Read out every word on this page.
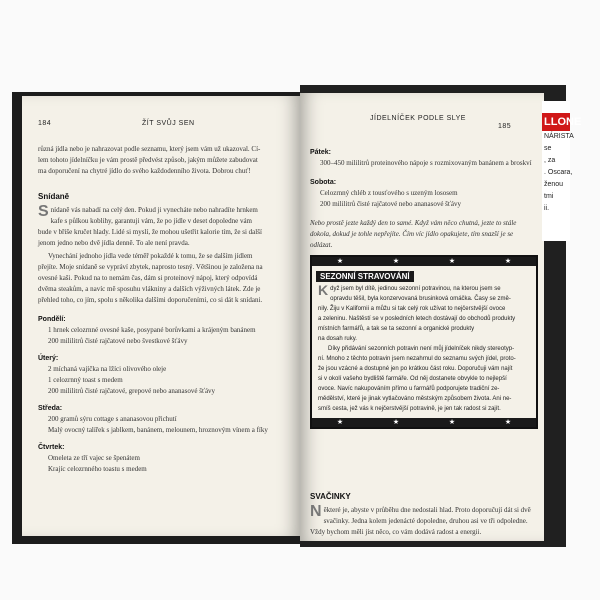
184	ŽÍT SVŮJ SEN

různá jídla nebo je nahrazovat podle seznamu, který jsem vám už ukazoval. Cí-

lem tohoto jídelníčku je vám prostě předvést způsob, jakým můžete zabudovat

ma doporučení na chytré jídlo do svého každodenního života. Dobrou chuť!

Snídaně

Snídaně vás nabadí na celý den. Pokud ji vynecháte nebo nahradíte hrnkem

kafe s půlkou koblihy, garantuji vám, že po jídle v deset dopoledne vám

bude v břiše kručet hlady. Lidé si myslí, že mohou ušetřit kalorie tím, že si další

jenom jedno nebo dvě jídla denně. To ale není pravda.

Vynechání jednoho jídla vede téměř pokaždé k tomu, že se dalším jídlem

přejíte. Moje snídaně se vypráví zbytek, naprosto tesný. Většinou je založena na

ovesné kaši. Pokud na to nemám čas, dám si proteinový nápoj, který odpovídá

dvěma steakům, a navíc mě sposuhu vlákniny a dalších výživných látek. Zde je

přehled toho, co jím, spolu s několika dalšími doporučeními, co si dát k snídani.

Pondělí:

1 hrnek celozrnné ovesné kaše, posypané borůvkami a krájeným banánem

200 mililitrů čisté rajčatové nebo švestkové šťávy

Úterý:

2 míchaná vajíčka na lžíci olivového oleje

1 celozrnný toast s medem

200 mililitrů čisté rajčatové, grepové nebo ananasové šťávy

Středa:

200 gramů sýru cottage s ananasovou přichutí

Malý ovocný talířek s jablkem, banánem, melounem, hroznovým vínem a fíky

Čtvrtek:

Omeleta ze tří vajec se špenátem

Krajíc celozrnného toastu s medem

JÍDELNÍČEK PODLE SLYE
185
Pátek:

300–450 mililitrů proteinového nápoje s rozmixovaným banánem a broskví

Sobota:

Celozrnný chléb z tousťového s uzeným lososem

200 mililitrů čisté rajčatové nebo ananasové šťávy

Nebo prostě jezte každý den to samé. Když vám něco chutná, jezte to stále

dokola, dokud je tohle nepřejíte. Čím víc jídlo opakujete, tím snazší je se odlázat.

★	★	★	★
SEZONNÍ STRAVOVÁNÍ

Když jsem byl dítě, jedinou sezonní potravinou, na kterou jsem se

opravdu těšil, byla konzervovaná brusinková omáčka. Časy se změ-

nily. Žiju v Kalifornii a můžu si tak celý rok užívat to nejčerstvější ovoce

a zeleninu. Naštěstí se v posledních letech dostávají do obchodů produkty

místních farmářů, a tak se ta sezonní a organické produkty

na dosah ruky.

Díky přidávání sezonních potravin není můj jídelníček nikdy stereotyp-

ní. Mnoho z těchto potravin jsem nezahrnul do seznamu svých jídel, proto-

že jsou vzácné a dostupné jen po krátkou část roku. Doporučuji vám najít

si v okolí vašeho bydliště farmáře. Od něj dostanete obvykle to nejlepší

ovoce. Navíc nakupováním přímo u farmářů podporujete tradiční ze-

mědělství, které je jinak vytlačováno městským způsobem života. Ani ne-

smíš cesta, jež vás k nejčerstvější potravině, je jen tak radost si zajít.

★	★	★	★
SVAČINKY

Některé je, abyste v průběhu dne nedostali hlad. Proto doporučují dát si dvě

svačinky. Jedna kolem jedenácté dopoledne, druhou asi ve tři odpoledne.

Vždy bychom měli jíst něco, co vám dodává radost a energii.

LLONE
NÁRISTA
se
, za
. Oscara,
ženou
tmi
ii.
